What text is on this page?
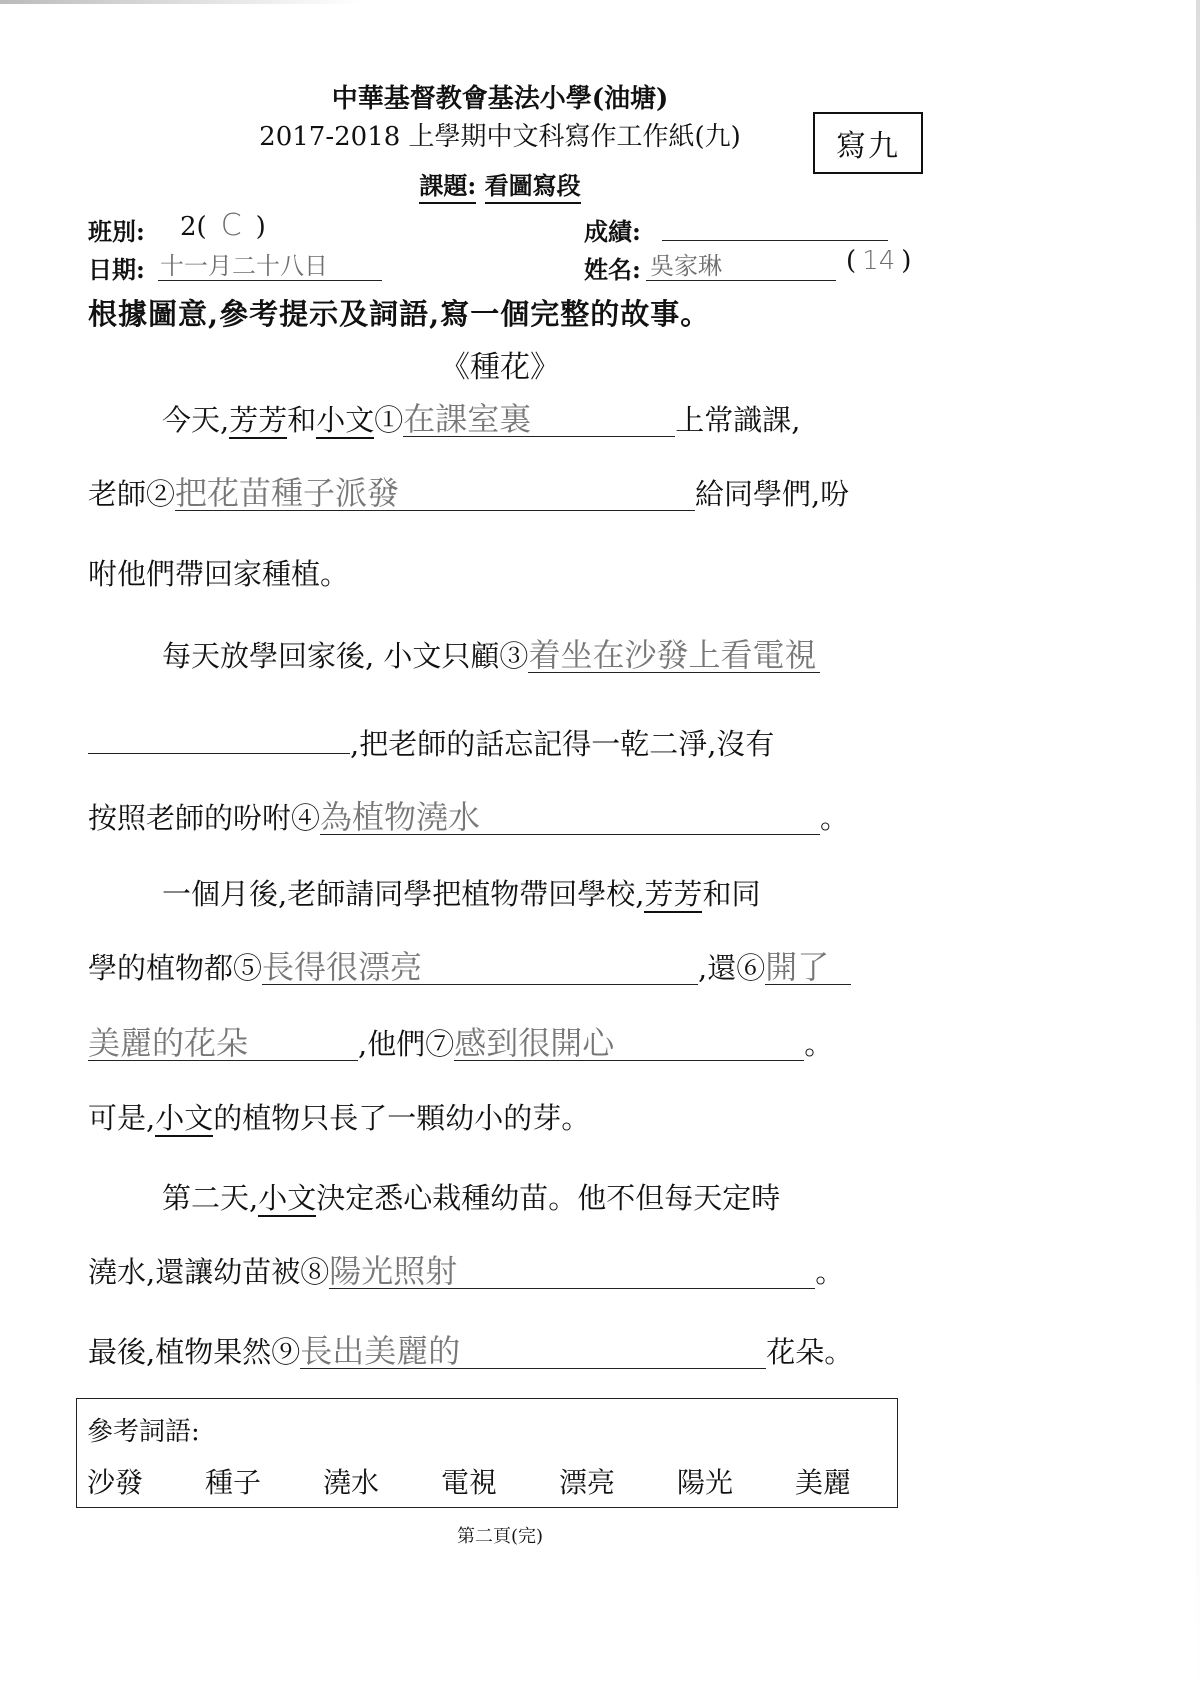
中華基督教會基法小學(油塘)
2017-2018 上學期中文科寫作工作紙(九)	寫九
課題: 看圖寫段
班別: 2( C )	成績:
日期: 十一月二十八日	姓名: 吳家琳	( 14 )
根據圖意,參考提示及詞語,寫一個完整的故事。
《種花》
今天,芳芳和小文①在課室裏	上常識課,
老師②把花苗種子派發	給同學們,吩
咐他們帶回家種植。
每天放學回家後, 小文只顧③着坐在沙發上看電視
,把老師的話忘記得一乾二淨,沒有
按照老師的吩咐④為植物澆水	。
一個月後,老師請同學把植物帶回學校,芳芳和同
學的植物都⑤長得很漂亮	,還⑥開了
美麗的花朵	,他們⑦感到很開心	。
可是,小文的植物只長了一顆幼小的芽。
第二天,小文決定悉心栽種幼苗。他不但每天定時
澆水,還讓幼苗被⑧陽光照射	。
最後,植物果然⑨長出美麗的	花朵。
參考詞語:
沙發 種子 澆水 電視 漂亮 陽光 美麗
第二頁(完)
